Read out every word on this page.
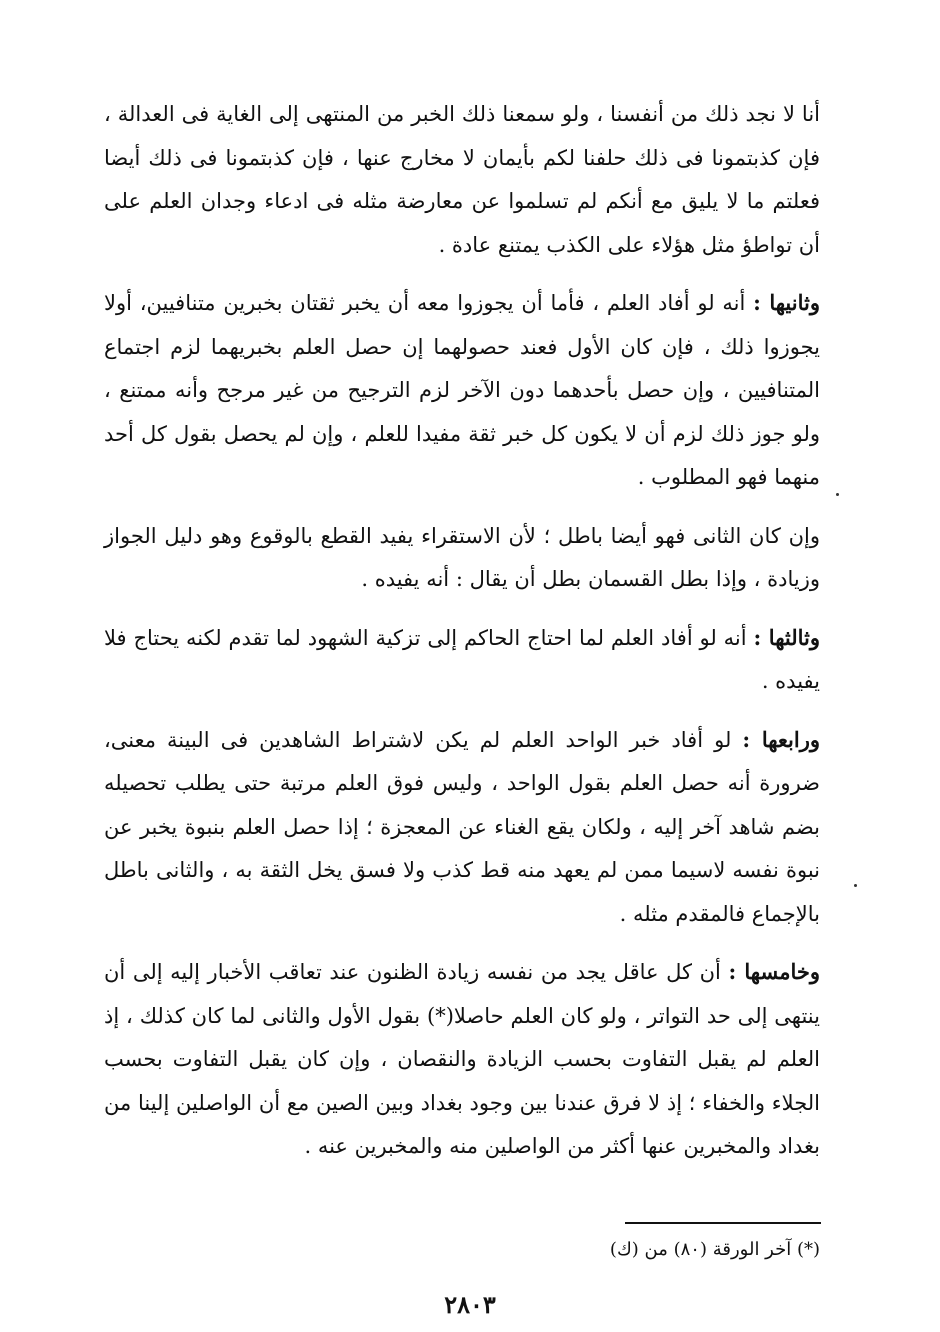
أنا لا نجد ذلك من أنفسنا ، ولو سمعنا ذلك الخبر من المنتهى إلى الغاية فى العدالة ، فإن كذبتمونا فى ذلك حلفنا لكم بأيمان لا مخارج عنها ، فإن كذبتمونا فى ذلك أيضا فعلتم ما لا يليق مع أنكم لم تسلموا عن معارضة مثله فى ادعاء وجدان العلم على أن تواطؤ مثل هؤلاء على الكذب يمتنع عادة .

وثانيها : أنه لو أفاد العلم ، فأما أن يجوزوا معه أن يخبر ثقتان بخبرين متنافيين، أولا يجوزوا ذلك ، فإن كان الأول فعند حصولهما إن حصل العلم بخبريهما لزم اجتماع المتنافيين ، وإن حصل بأحدهما دون الآخر لزم الترجيح من غير مرجح وأنه ممتنع ، ولو جوز ذلك لزم أن لا يكون كل خبر ثقة مفيدا للعلم ، وإن لم يحصل بقول كل أحد منهما فهو المطلوب .

وإن كان الثانى فهو أيضا باطل ؛ لأن الاستقراء يفيد القطع بالوقوع وهو دليل الجواز وزيادة ، وإذا بطل القسمان بطل أن يقال : أنه يفيده .

وثالثها : أنه لو أفاد العلم لما احتاج الحاكم إلى تزكية الشهود لما تقدم لكنه يحتاج فلا يفيده .

ورابعها : لو أفاد خبر الواحد العلم لم يكن لاشتراط الشاهدين فى البينة معنى، ضرورة أنه حصل العلم بقول الواحد ، وليس فوق العلم مرتبة حتى يطلب تحصيله بضم شاهد آخر إليه ، ولكان يقع الغناء عن المعجزة ؛ إذا حصل العلم بنبوة يخبر عن نبوة نفسه لاسيما ممن لم يعهد منه قط كذب ولا فسق يخل الثقة به ، والثانى باطل بالإجماع فالمقدم مثله .

وخامسها : أن كل عاقل يجد من نفسه زيادة الظنون عند تعاقب الأخبار إليه إلى أن ينتهى إلى حد التواتر ، ولو كان العلم حاصلا(*) بقول الأول والثانى لما كان كذلك ، إذ العلم لم يقبل التفاوت بحسب الزيادة والنقصان ، وإن كان يقبل التفاوت بحسب الجلاء والخفاء ؛ إذ لا فرق عندنا بين وجود بغداد وبين الصين مع أن الواصلين إلينا من بغداد والمخبرين عنها أكثر من الواصلين منه والمخبرين عنه .

(*) آخر الورقة (٨٠) من (ك)
٢٨٠٣
